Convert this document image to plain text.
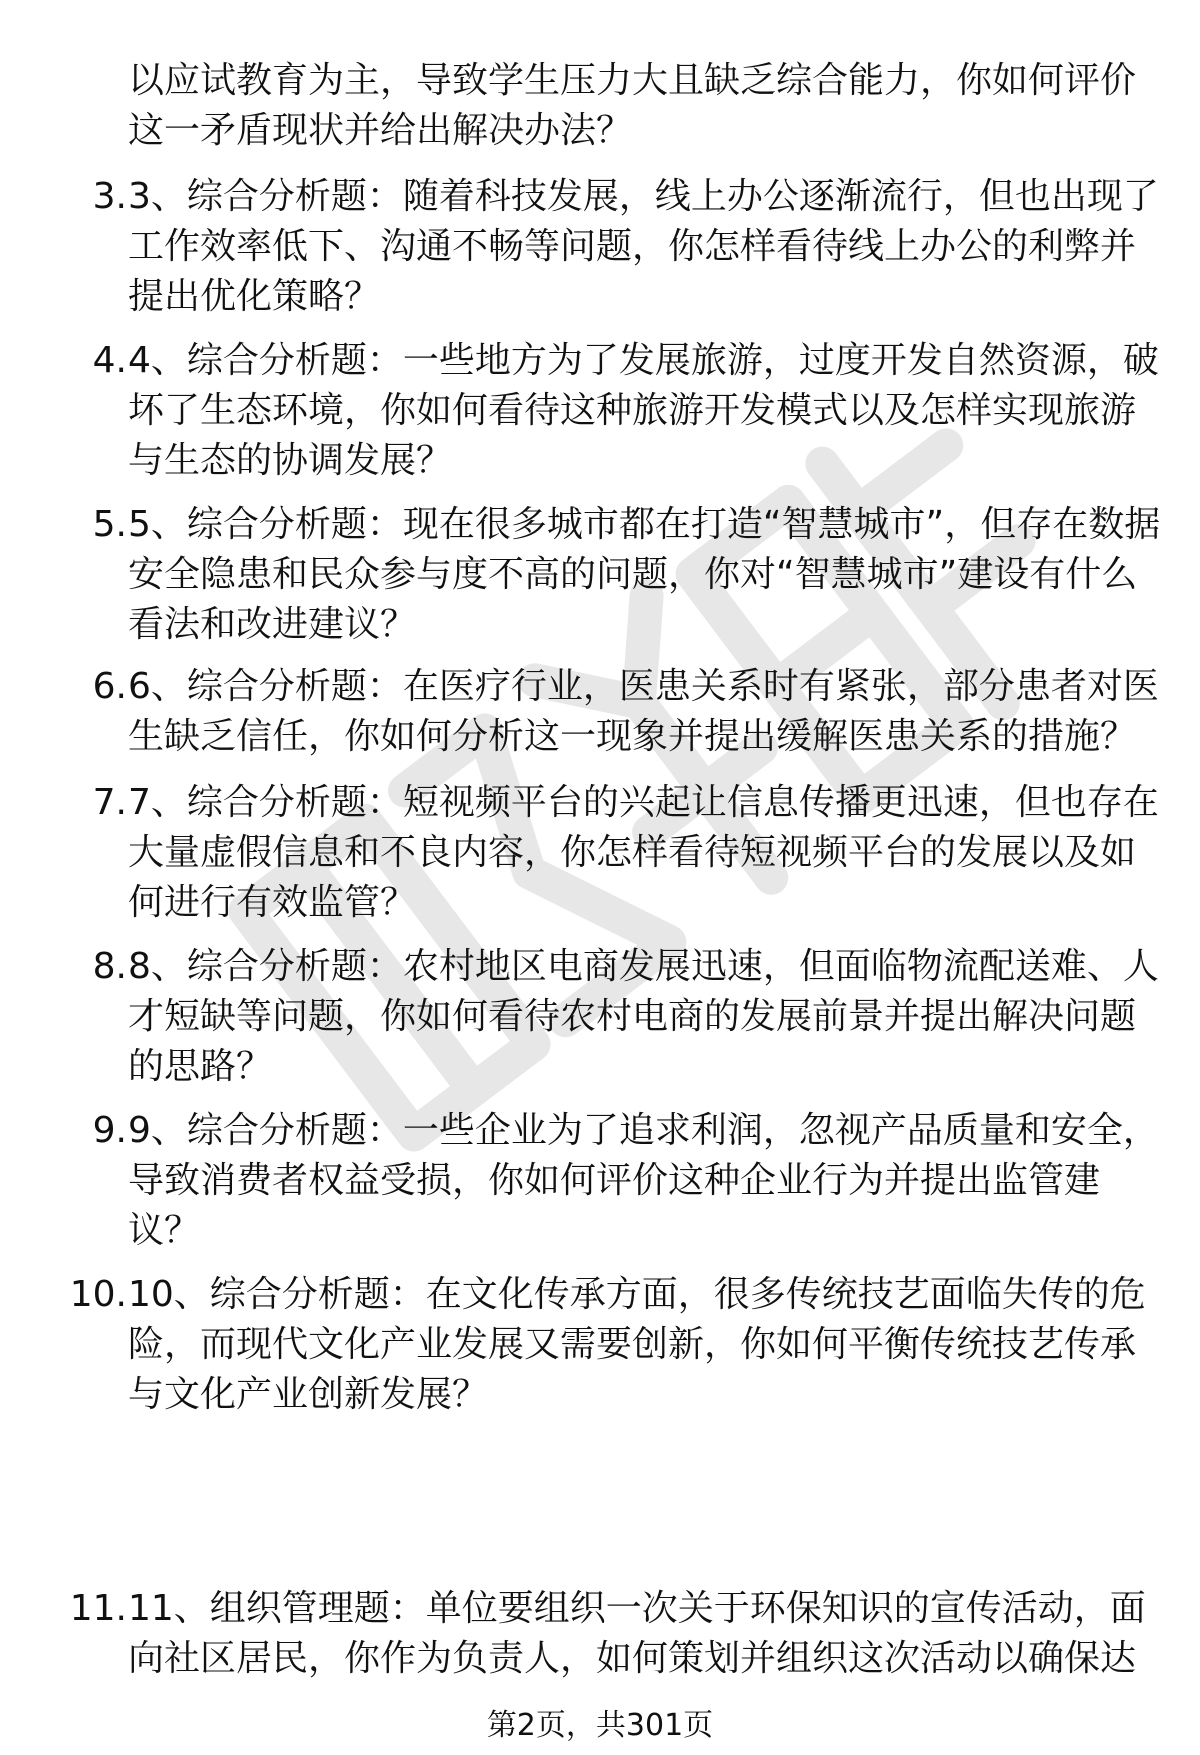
以应试教育为主，导致学生压力大且缺乏综合能力，你如何评价这一矛盾现状并给出解决办法？
3. 3、综合分析题：随着科技发展，线上办公逐渐流行，但也出现了工作效率低下、沟通不畅等问题，你怎样看待线上办公的利弊并提出优化策略？
4. 4、综合分析题：一些地方为了发展旅游，过度开发自然资源，破坏了生态环境，你如何看待这种旅游开发模式以及怎样实现旅游与生态的协调发展？
5. 5、综合分析题：现在很多城市都在打造“智慧城市”，但存在数据安全隐患和民众参与度不高的问题，你对“智慧城市”建设有什么看法和改进建议？
6. 6、综合分析题：在医疗行业，医患关系时有紧张，部分患者对医生缺乏信任，你如何分析这一现象并提出缓解医患关系的措施？
7. 7、综合分析题：短视频平台的兴起让信息传播更迅速，但也存在大量虚假信息和不良内容，你怎样看待短视频平台的发展以及如何进行有效监管？
8. 8、综合分析题：农村地区电商发展迅速，但面临物流配送难、人才短缺等问题，你如何看待农村电商的发展前景并提出解决问题的思路？
9. 9、综合分析题：一些企业为了追求利润，忽视产品质量和安全，导致消费者权益受损，你如何评价这种企业行为并提出监管建议？
10. 10、综合分析题：在文化传承方面，很多传统技艺面临失传的危险，而现代文化产业发展又需要创新，你如何平衡传统技艺传承与文化产业创新发展？
11. 11、组织管理题：单位要组织一次关于环保知识的宣传活动，面向社区居民，你作为负责人，如何策划并组织这次活动以确保达
第2页，共301页
